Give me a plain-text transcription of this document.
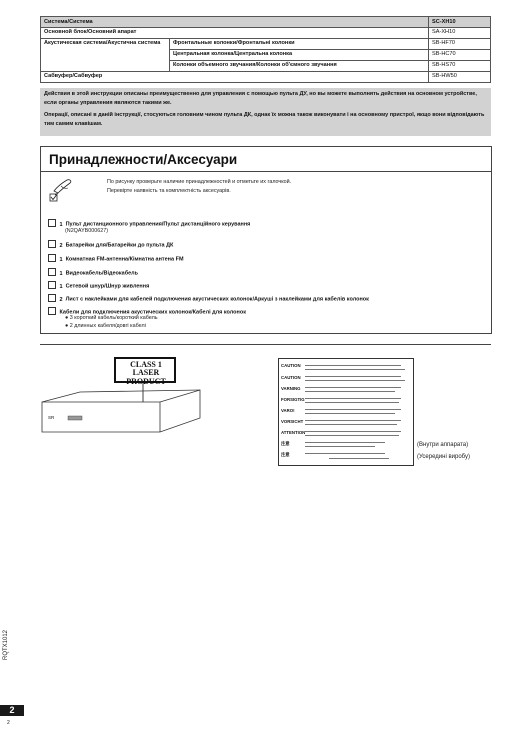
Система/Система		SC-XH10
Основной блок/Основний апарат		SA-XH10
Акустическая система/Акустична система	Фронтальные колонки/Фронтальні колонки	SB-HF70
	Центральная колонка/Центральна колонка	SB-HC70
	Колонки объемного звучания/Колонки об'ємного звучання	SB-HS70
Сабвуфер/Сабвуфер		SB-HW50

Действия в этой инструкции описаны преимущественно для управления с помощью пульта ДУ, но вы можете выполнять действия на основном устройстве, если органы управления являются такими же.

Операції, описані в даній інструкції, стосуються головним чином пульта ДК, однак їх можна також виконувати і на основному пристрої, якщо вони відповідають тим самим клавішам.

Принадлежности/Аксесуари
По рисунку проверьте наличие принадлежностей и отметьте их галочкой.
Перевірте наявність та комплектність аксесуарів.
1 Пульт дистанционного управления/Пульт дистанційного керування
(N2QAYB000627)
2 Батарейки для/Батарейки до пульта ДК
1 Комнатная FM-антенна/Кімнатна антена FM
1 Видеокабель/Відеокабель
1 Сетевой шнур/Шнур живлення
2 Лист с наклейками для кабелей подключения акустических колонок/Аркуші з наклейками для кабелів колонок
Кабели для подключения акустических колонок/Кабелі для колонок
● 3 короткий кабель/короткий кабель
● 2 длинных кабеля/довгі кабелі
CLASS 1
LASER PRODUCT
SR
CAUTION
CAUTION
VARNING
FORSIGTIG
VARO!
VORSICHT
ATTENTION
注意
注意
(Внутри аппарата)
(Усередині виробу)
RQTX1012
2
2
